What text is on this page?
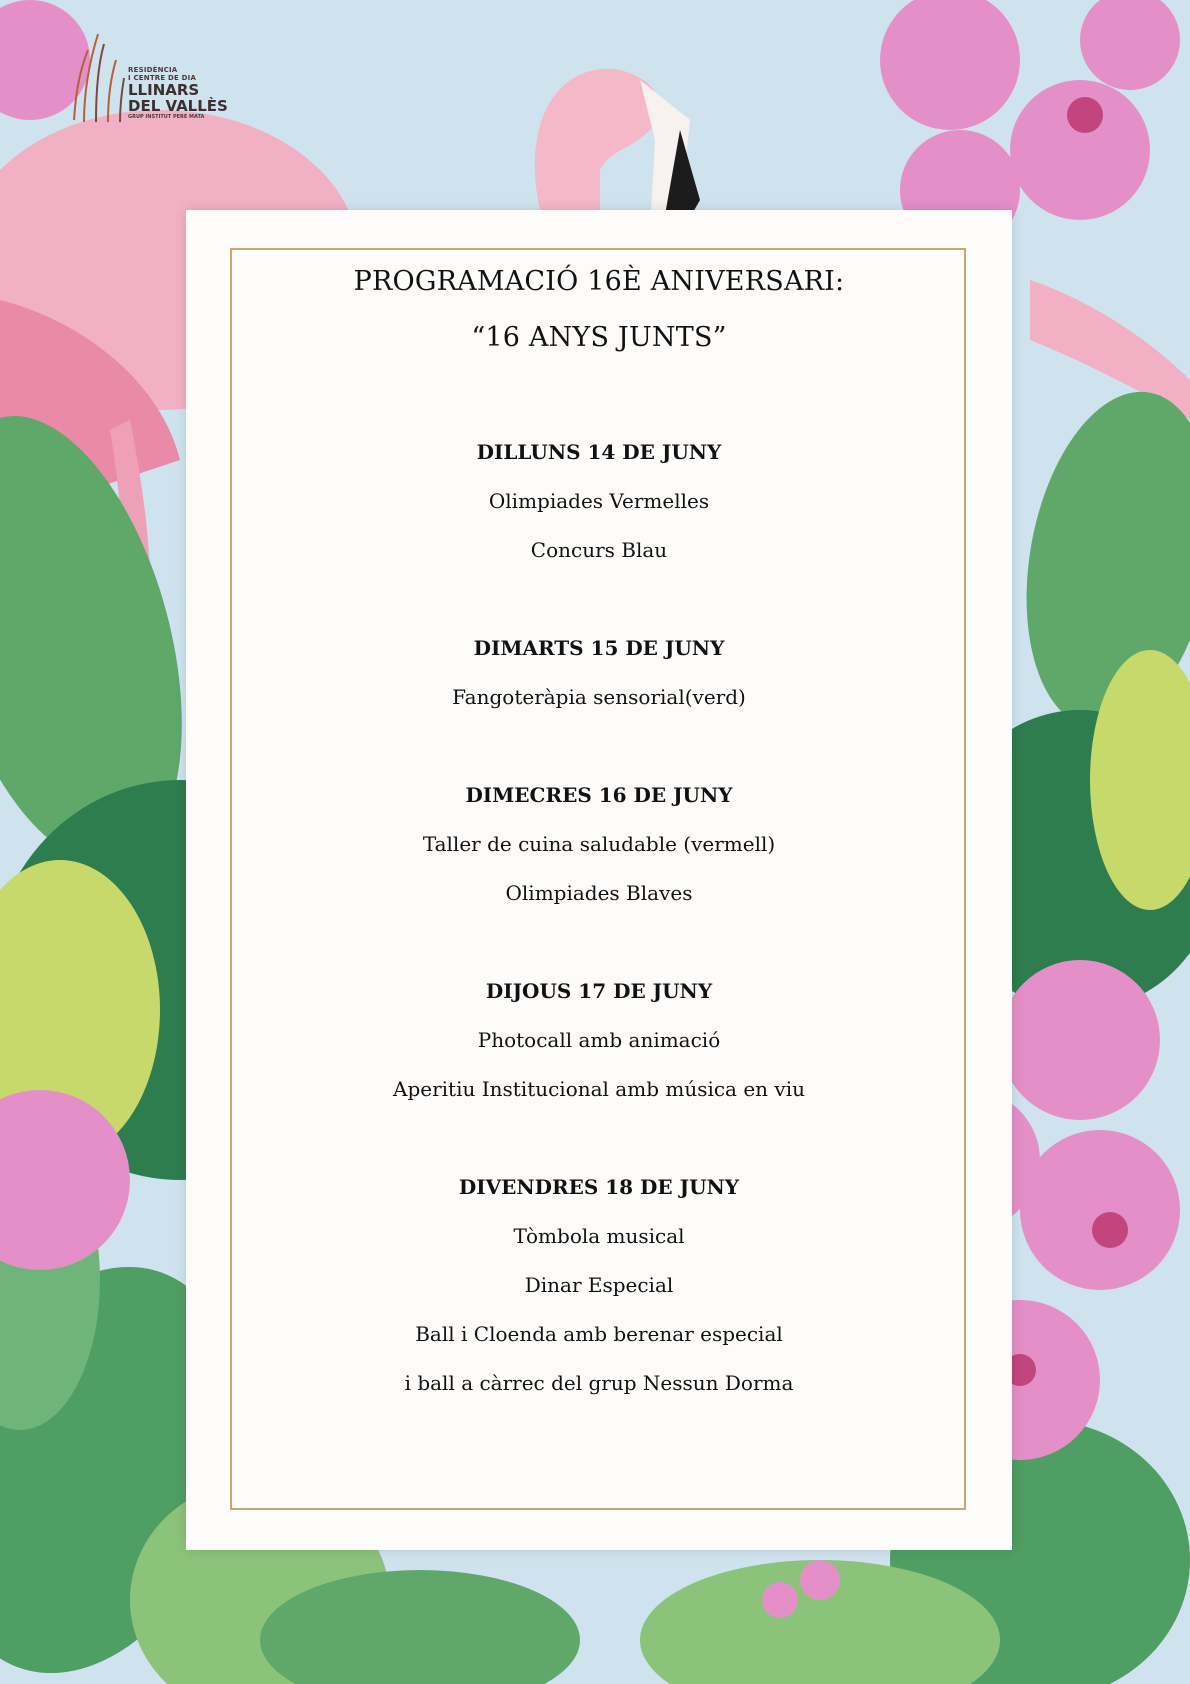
RESIDÈNCIA
I CENTRE DE DIA
LLINARS
DEL VALLÈS
GRUP INSTITUT PERE MATA
PROGRAMACIÓ 16È ANIVERSARI:
“16 ANYS JUNTS”
DILLUNS 14 DE JUNY
Olimpiades Vermelles
Concurs Blau
DIMARTS 15 DE JUNY
Fangoteràpia sensorial(verd)
DIMECRES 16 DE JUNY
Taller de cuina saludable (vermell)
Olimpiades Blaves
DIJOUS 17 DE JUNY
Photocall amb animació
Aperitiu Institucional amb música en viu
DIVENDRES 18 DE JUNY
Tòmbola musical
Dinar Especial
Ball i Cloenda amb berenar especial
i ball a càrrec del grup Nessun Dorma
